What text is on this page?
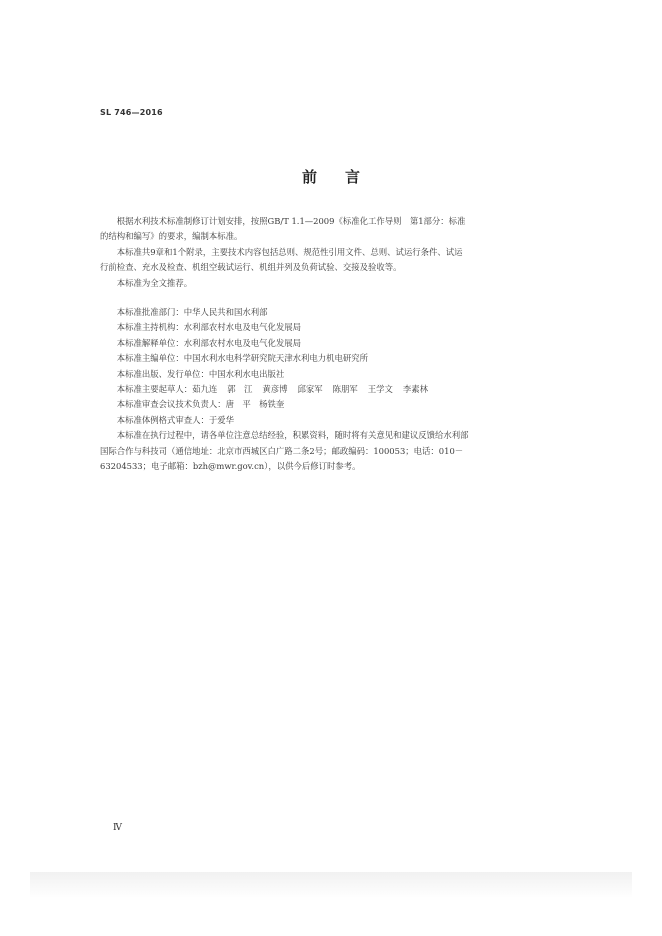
SL 746—2016
前 言
根据水利技术标准制修订计划安排，按照GB/T 1.1—2009《标准化工作导则　第1部分：标准
的结构和编写》的要求，编制本标准。
本标准共9章和1个附录，主要技术内容包括总则、规范性引用文件、总则、试运行条件、试运
行前检查、充水及检查、机组空载试运行、机组并列及负荷试验、交接及验收等。
本标准为全文推荐。
本标准批准部门：中华人民共和国水利部
本标准主持机构：水利部农村水电及电气化发展局
本标准解释单位：水利部农村水电及电气化发展局
本标准主编单位：中国水利水电科学研究院天津水利电力机电研究所
本标准出版、发行单位：中国水利水电出版社
本标准主要起草人：茹九连 郭　江 黄彦博 邱家军 陈朋军 王学文 李素林
本标准审查会议技术负责人：唐　平　杨铁奎
本标准体例格式审查人：于爱华
本标准在执行过程中，请各单位注意总结经验，积累资料，随时将有关意见和建议反馈给水利部
国际合作与科技司（通信地址：北京市西城区白广路二条2号；邮政编码：100053；电话：010－
63204533；电子邮箱：bzh@mwr.gov.cn），以供今后修订时参考。
Ⅳ
